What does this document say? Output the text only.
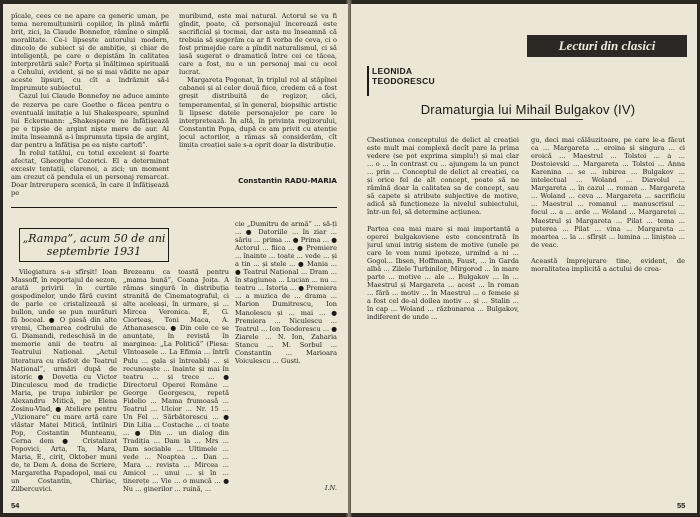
pîcale, cees ce ne apare ca generic uman, pe tema neremulțumirii copiilor, în plină mărfii brit, zici, la Claude Bonnefor, rămîne o simplă moralitate. Ce-i lipsește autorului modern, dincolo de subiect și de ambiție, și chiar de inteligență, pe care o depistăm în calitatea interpretării sale? Forța și înălțimea spirituală a Cehului, evident, și ne și mai vădite ne apar aceste lipsuri, cu cît a îndrăznit să-i împrumute subiectul.

Cazul lui Claude Bonnefoy ne aduce aminte de rezerva pe care Goethe o făcea pentru o eventuală imitație a lui Shakespeare, spunînd lui Eckermann: „Shakespeare ne înfățișează pe o tipsie de argint niște mere de aur. Al imita înseamnă a-i împrumuta tipsia de argint, dar pentru a înfățișa pe ea niște cartofi”.

În rolul tatălui, cu totul excelent și foarte afectat, Gheorghe Cozorici. El a determinat excesiv tentații, clarenoi, a zici; un moment am crezut că pendula ei un personaj remarcat. Doar întrerupera scenică, în care il înfățișează pe

muribund, este mai natural. Actorul se va fi gîndit, poate, că personajul încerează este sacrificial și tocmai, dar asta nu înseamnă că trebuia să sugerăm ca ar fi vorba de ceva, ci o fost primejdie care a pîndit naturalismul, ci să iasă sugerat o dramatică între cei ce tăcea, care a fost, nu e un personaj mai cu ocol lucrat.

Margareta Pogonat, în triplul rol al stăpînei cabanei și al celor două fiice, credem că a fost greșit distribuită de regizor, căci, temperamental, și în general, biopsihic artistic îi lipsesc datele personajelor pe care le interpretează. În altă, în privința regizorului, Constantin Popa, după ce am privit cu atenție jocul actorilor, a rămas să considerăm, cît limita creației sale s-a oprit doar la distribuție.

Constantin RADU-MARIA
„Rampa”, acum 50 de ani
septembrie 1931

Vilegiatura s-a sfîrșit! Ioan Massoff, în reportajul de sezon, arată privirii în curtile gospodinelor, unde fără cuvint de parle ce cristalizează și bullon, unde se pun murături fă boceal. ● O piesă din alte vremi, Chemarea codrului de G. Diamandi, redeschisă in de memorie anii de teatru al Teatrului Național. „Actul literatura cu răsfoit de Teatrul Național”, urmări după de istoric ● Dovetia cu Victor Dinculescu mod de tradicție Maria, pe trupa iubirilor pe Alexandru Mitică, pe Elena Zosinu-Vlad, ● Ateliere pentru „Vizionare” cu mare artă care vlăstar Matei Mitică, întîlniri Pop, Costantin Munteanu, Cerna dem ● Cristalizat Popovici, Arta, Ta, Mara, Maria, E., ciriț, Oktober muni de, te Dem A. dona de Scriere, Margaretha Papadopol, mai cu un Costantin, Chiriac, Zilbercuvici.

Brezeanu ca toastă pentru „mama bună”, Coana Joița. A rămas singură în distribuția stranită de Cinematograful, ci alte aceleași, în urmare, și ... Mircea Veronica. E, G. Ciorteaș, Toni Maca, A. Athanasescu. ● Din cele ce se anunțate, în revistă în marginea: „La Politică” (Piesa: Vîntoasele ... La Efimia ... întrîi Pulu ... gala și întreabă) ... și recunoaște ... înainte și mai în teatru ... și trece ... ● Directorul Operei Române ... George Georgescu, repetă Fidelio ... Mama frumoasă ... Teatrul ... Ulcior ... Nr. 15 ... Un Fel ... Sărbătorescu ... ● Din Lilia ... Costache ... ci toate ... ● Din ... un dialog din Tradiția ... Dam la ... Mrs ... Dam sociable ... Ultimele ... vede ... Noaptea ... Dan ... Mara ... revista ... Mircea ... Amicol ... unui ... și în ... tinerețe ... Vie ... o muncă ... ● Nu ... ginerilor ... ruină, ...

cie „Dumitru de armă” ... să-ți ... ● Datoriile ... în ziar ... săriu ... prima ... ● Prima ... ● Actorul ... fiica ... ● Premiere ... înainte ... toate ... vede ... și a tin ... și stele ... ● Mania ... ● Teatrul Național ... Dram ... în stagiunea ... Lucian ... nu ... teatru ... Istoria ... ● Premiera ... a muzica de ... drama ... Marion Dumitrescu, Ion Manolescu și ... mai ... ● Premiera ... Niculescu ... Teatrul ... Ion Teodorescu ... ● Ziarele ... N. Ion, Zaharia Stancu ... M. Sorbul ... Constantin ... Marioara Voiculescu ... Gusti.

I.N.
54
Lecturi din clasici
LEONIDA
TEODORESCU
Dramaturgia lui Mihail Bulgakov (IV)

Chestiunea conceptului de delict al creației este mult mai complexă decît pare la prima vedere (se pot exprima simplu!) și mai clar ... o ... în contrast cu ... ajungem la un punct ... prin ... Conceptul de delict al creației, ca și orice fel de alt concept, poate să ne rămînă doar la calitatea sa de concept, sau să capete și atribute subjective de motive, adică să funcționeze la nivelul subiectului, într-un fel, să determine acțiunea.

Partea cea mai mare și mai importantă a operei bulgakoviene este concentrată în jurul unui intrig sistem de motive (unele pe care le vom numi ipoteze, urmînd a ni ... Gogol... Ibsen, Hoffmann, Faust, ... în Garda albă ... Zilele Turbinilor, Mirgorod ... în mare parte ... motive ... ale ... Bulgakov ... în ... Maestrul și Margareta ... acest ... în roman ... fără ... motiv ... în Maestrul ... o femeie și a fost cel de-al doilea motiv ... și ... Stalin ... în cap ... Woland ... răzbunarea ... Bulgakov, indiferent de unde ...

gu, deci mai călăuzitoare, pe care le-a făcut ca ... Margareta ... eroina și singura ... ci eroică ... Maestrul ... Tolstoi ... a ... Dostoievski ... Margareta ... Tolstoi ... Anna Karenina ... se ... iubirea ... Bulgakov ... intelectual ... Woland ... Diavolul ... Margareta ... în cazul ... roman ... Margareta ... Woland ... ceva ... Margareta ... sacrificiu ... Maestrul ... romanul ... manuscrisul ... focul ... a ... arde ... Woland ... Margaretei ... Maestrul și Margareta ... Pilat ... tema ... puterea ... Pilat ... vina ... Margareta ... moartea ... la ... sfîrșit ... lumina ... liniștea ... de veac.

Această împrejurare tine, evident, de moralitatea implicită a actului de crea-

55
